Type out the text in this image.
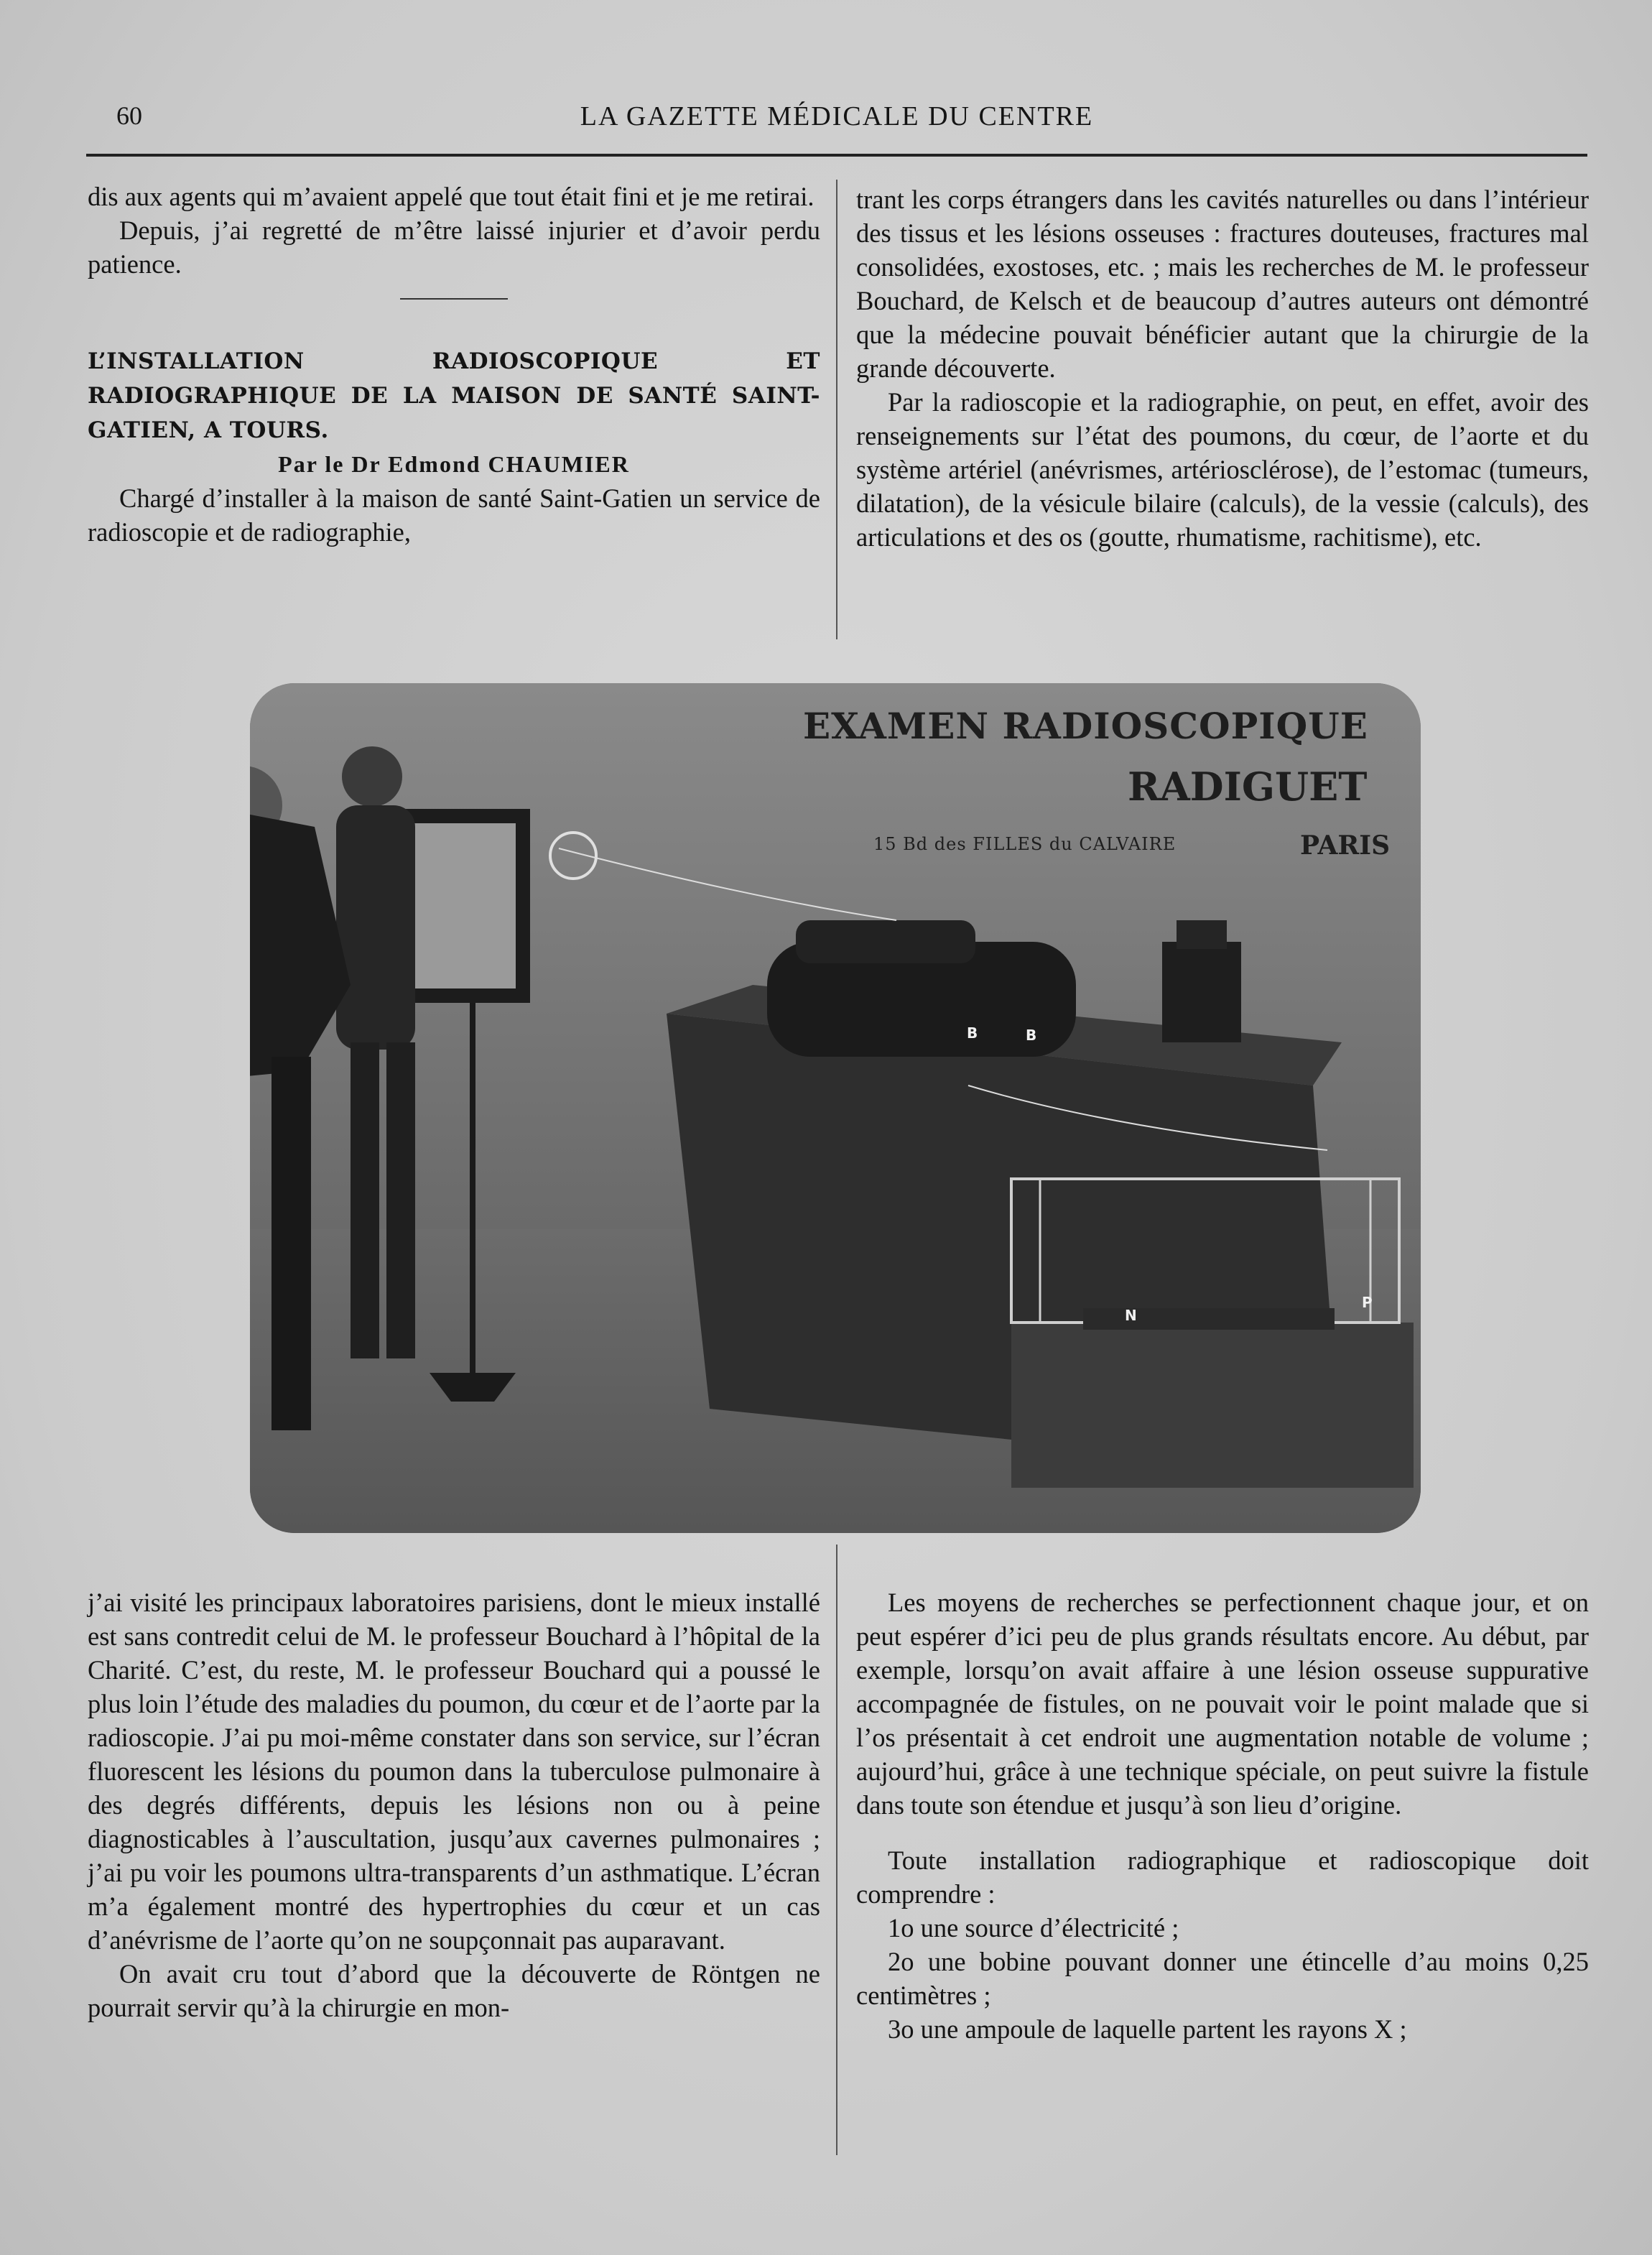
60	LA GAZETTE MÉDICALE DU CENTRE

dis aux agents qui m’avaient appelé que tout était fini et je me retirai.

Depuis, j’ai regretté de m’être laissé injurier et d’avoir perdu patience.

L’INSTALLATION RADIOSCOPIQUE ET RADIOGRAPHIQUE DE LA MAISON DE SANTÉ SAINT-GATIEN, A TOURS.

Par le Dr Edmond CHAUMIER

Chargé d’installer à la maison de santé Saint-Gatien un service de radioscopie et de radiographie,

trant les corps étrangers dans les cavités naturelles ou dans l’intérieur des tissus et les lésions osseuses : fractures douteuses, fractures mal consolidées, exostoses, etc. ; mais les recherches de M. le professeur Bouchard, de Kelsch et de beaucoup d’autres auteurs ont démontré que la médecine pouvait bénéficier autant que la chirurgie de la grande découverte.

Par la radioscopie et la radiographie, on peut, en effet, avoir des renseignements sur l’état des poumons, du cœur, de l’aorte et du système artériel (anévrismes, artériosclérose), de l’estomac (tumeurs, dilatation), de la vésicule bilaire (calculs), de la vessie (calculs), des articulations et des os (goutte, rhumatisme, rachitisme), etc.

EXAMEN RADIOSCOPIQUE
RADIGUET
15 Bd des FILLES du CALVAIRE	PARIS
B	B
N
P

j’ai visité les principaux laboratoires parisiens, dont le mieux installé est sans contredit celui de M. le professeur Bouchard à l’hôpital de la Charité. C’est, du reste, M. le professeur Bouchard qui a poussé le plus loin l’étude des maladies du poumon, du cœur et de l’aorte par la radioscopie. J’ai pu moi-même constater dans son service, sur l’écran fluorescent les lésions du poumon dans la tuberculose pulmonaire à des degrés différents, depuis les lésions non ou à peine diagnosticables à l’auscultation, jusqu’aux cavernes pulmonaires ; j’ai pu voir les poumons ultra-transparents d’un asthmatique. L’écran m’a également montré des hypertrophies du cœur et un cas d’anévrisme de l’aorte qu’on ne soupçonnait pas auparavant.

On avait cru tout d’abord que la découverte de Röntgen ne pourrait servir qu’à la chirurgie en mon-

Les moyens de recherches se perfectionnent chaque jour, et on peut espérer d’ici peu de plus grands résultats encore. Au début, par exemple, lorsqu’on avait affaire à une lésion osseuse suppurative accompagnée de fistules, on ne pouvait voir le point malade que si l’os présentait à cet endroit une augmentation notable de volume ; aujourd’hui, grâce à une technique spéciale, on peut suivre la fistule dans toute son étendue et jusqu’à son lieu d’origine.

Toute installation radiographique et radioscopique doit comprendre :

1o une source d’électricité ;

2o une bobine pouvant donner une étincelle d’au moins 0,25 centimètres ;

3o une ampoule de laquelle partent les rayons X ;
